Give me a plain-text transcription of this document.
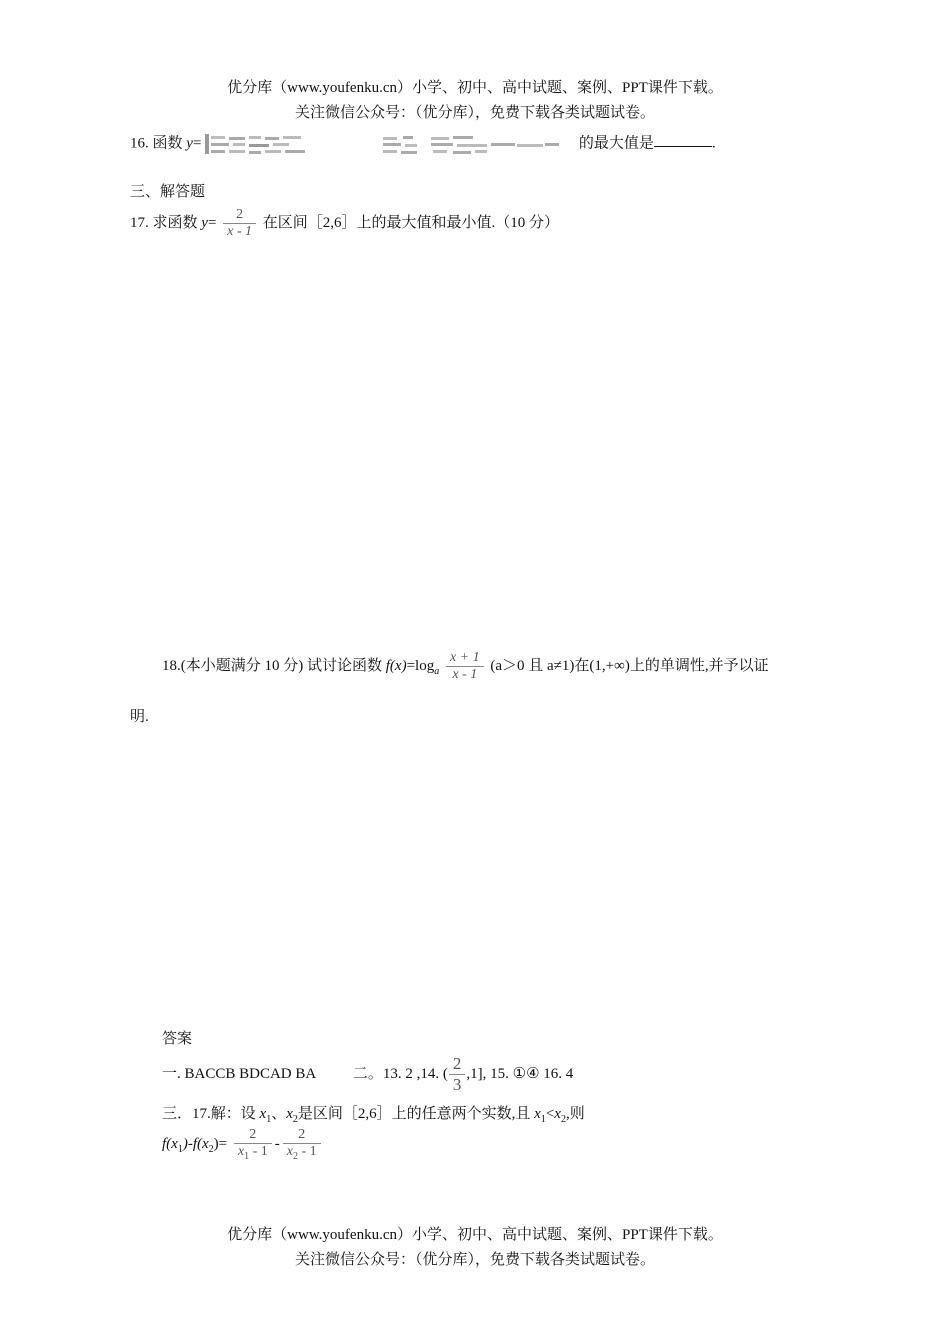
优分库（www.youfenku.cn）小学、初中、高中试题、案例、PPT课件下载。
关注微信公众号：（优分库），免费下载各类试题试卷。
16. 函数 y=	的最大值是	.
三、解答题
17. 求函数 $y= \frac{2}{x - 1}$ 在区间［2,6］上的最大值和最小值.（10 分）
18.(本小题满分 10 分) 试讨论函数 $f(x)=\log_a \frac{x + 1}{x - 1} (a>0$ 且 a≠1)在(1,+∞)上的单调性,并予以证
明.
答案
一. BACCB BDCAD BA	二。13. 2 ,14. ( $\frac{2}{3} ,1$], 15. ①④ 16. 4
三．17.解：设 $x_1$、$x_2$是区间［2,6］上的任意两个实数,且 $x_1<x_2$,则
$f(x_1)-f(x_2)= \frac{2}{x_1 - 1} - \frac{2}{x_2 - 1}$
优分库（www.youfenku.cn）小学、初中、高中试题、案例、PPT课件下载。
关注微信公众号：（优分库），免费下载各类试题试卷。
